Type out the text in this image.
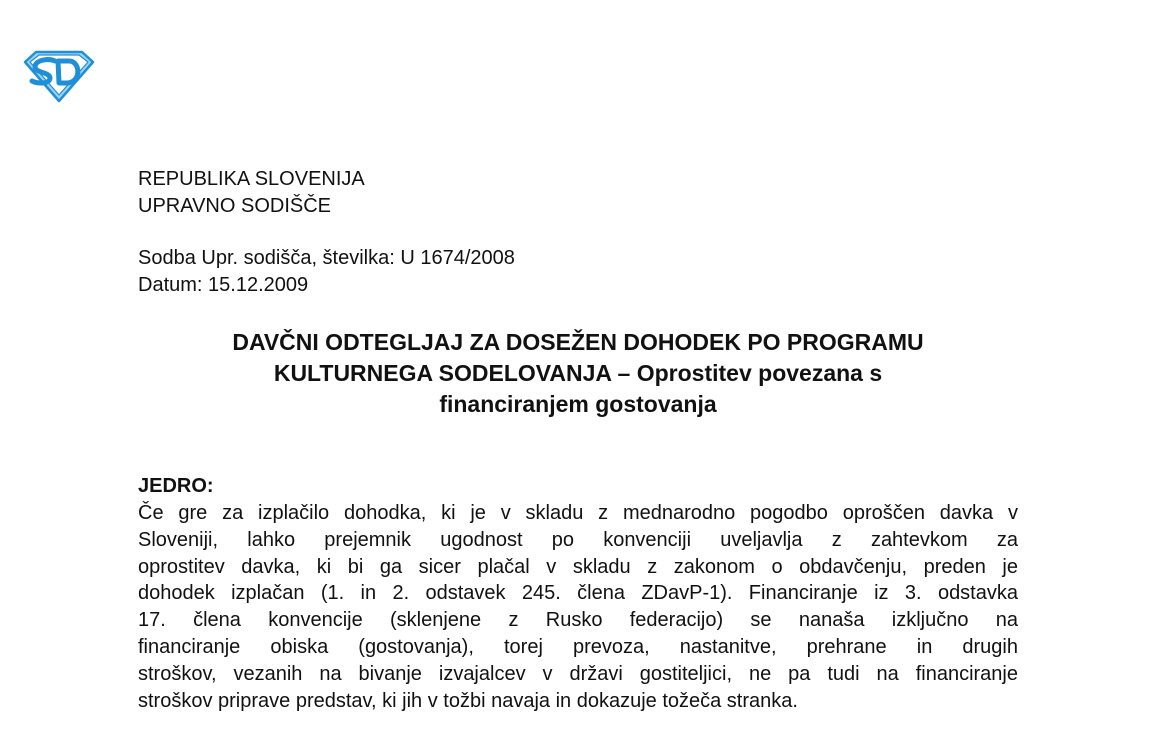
REPUBLIKA SLOVENIJA
UPRAVNO SODIŠČE
Sodba Upr. sodišča, številka: U 1674/2008
Datum: 15.12.2009
DAVČNI ODTEGLJAJ ZA DOSEŽEN DOHODEK PO PROGRAMU
KULTURNEGA SODELOVANJA – Oprostitev povezana s
financiranjem gostovanja
JEDRO:
Če gre za izplačilo dohodka, ki je v skladu z mednarodno pogodbo oproščen davka v
Sloveniji, lahko prejemnik ugodnost po konvenciji uveljavlja z zahtevkom za
oprostitev davka, ki bi ga sicer plačal v skladu z zakonom o obdavčenju, preden je
dohodek izplačan (1. in 2. odstavek 245. člena ZDavP-1). Financiranje iz 3. odstavka
17. člena konvencije (sklenjene z Rusko federacijo) se nanaša izključno na
financiranje obiska (gostovanja), torej prevoza, nastanitve, prehrane in drugih
stroškov, vezanih na bivanje izvajalcev v državi gostiteljici, ne pa tudi na financiranje
stroškov priprave predstav, ki jih v tožbi navaja in dokazuje tožeča stranka.
